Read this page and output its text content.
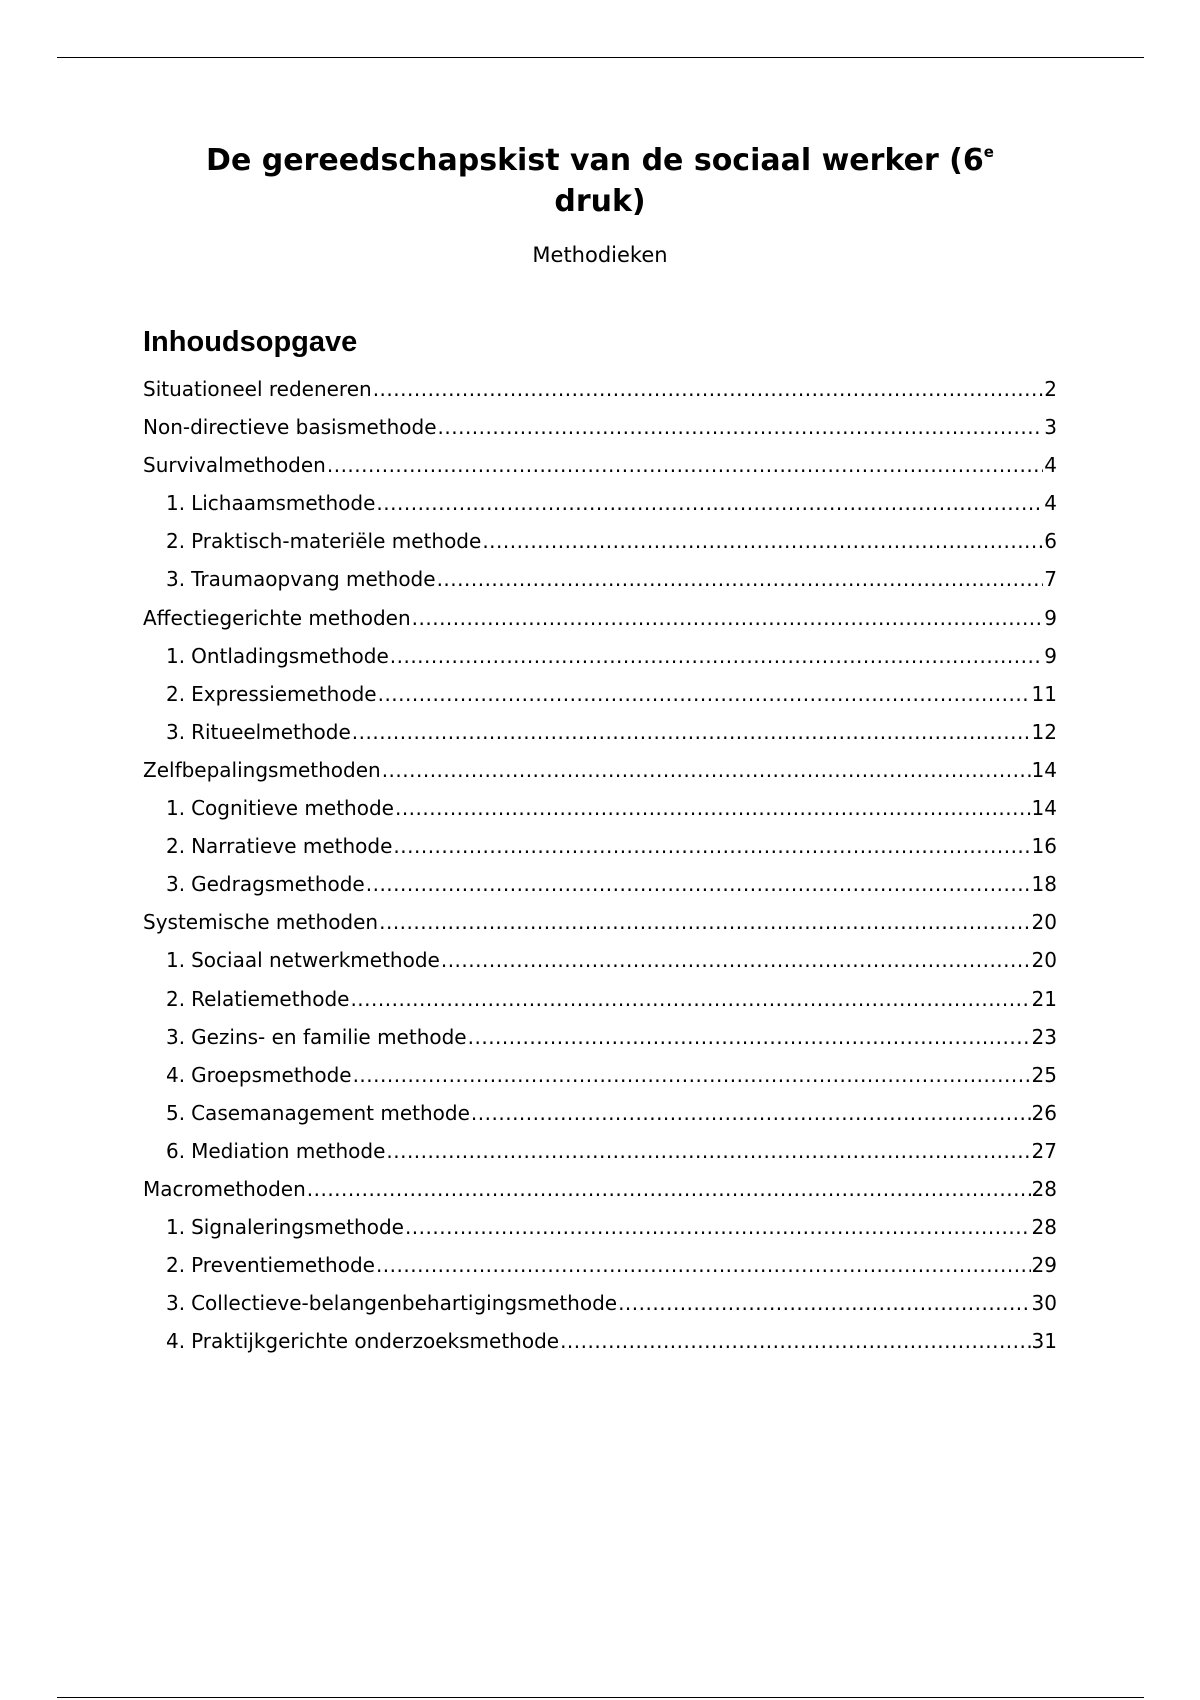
De gereedschapskist van de sociaal werker (6e
druk)
Methodieken
Inhoudsopgave
Situationeel redeneren .....	2
Non-directieve basismethode .....	3
Survivalmethoden .....	4
1. Lichaamsmethode .....	4
2. Praktisch-materiële methode .....	6
3. Traumaopvang methode .....	7
Affectiegerichte methoden .....	9
1. Ontladingsmethode .....	9
2. Expressiemethode .....	11
3. Ritueelmethode .....	12
Zelfbepalingsmethoden .....	14
1. Cognitieve methode .....	14
2. Narratieve methode .....	16
3. Gedragsmethode .....	18
Systemische methoden .....	20
1. Sociaal netwerkmethode .....	20
2. Relatiemethode .....	21
3. Gezins- en familie methode .....	23
4. Groepsmethode .....	25
5. Casemanagement methode .....	26
6. Mediation methode .....	27
Macromethoden .....	28
1. Signaleringsmethode .....	28
2. Preventiemethode .....	29
3. Collectieve-belangenbehartigingsmethode .....	30
4. Praktijkgerichte onderzoeksmethode .....	31
